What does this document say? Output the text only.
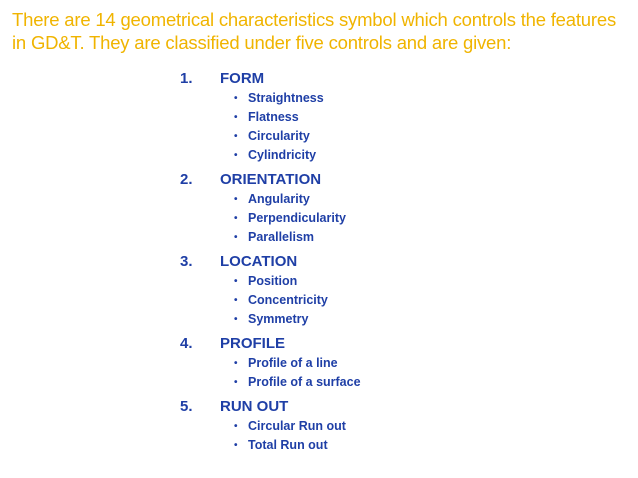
There are 14 geometrical characteristics symbol which controls the features in GD&T. They are classified under five controls and are given:

1.	FORM
• Straightness
• Flatness
• Circularity
• Cylindricity
2.	ORIENTATION
• Angularity
• Perpendicularity
• Parallelism
3.	LOCATION
• Position
• Concentricity
• Symmetry
4.	PROFILE
• Profile of a line
• Profile of a surface
5.	RUN OUT
• Circular Run out
• Total Run out
